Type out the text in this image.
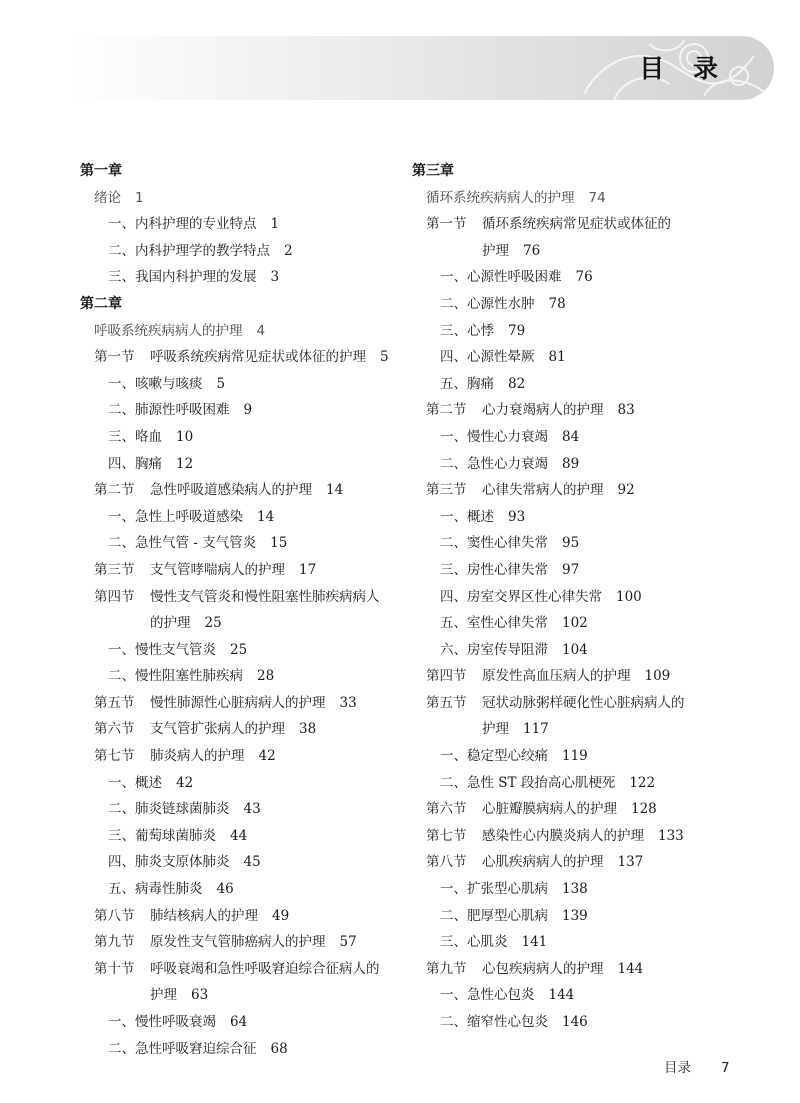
目 录
第一章
绪论 1
一、内科护理的专业特点 1
二、内科护理学的教学特点 2
三、我国内科护理的发展 3
第二章
呼吸系统疾病病人的护理 4
第一节 呼吸系统疾病常见症状或体征的护理 5
一、咳嗽与咳痰 5
二、肺源性呼吸困难 9
三、咯血 10
四、胸痛 12
第二节 急性呼吸道感染病人的护理 14
一、急性上呼吸道感染 14
二、急性气管 - 支气管炎 15
第三节 支气管哮喘病人的护理 17
第四节 慢性支气管炎和慢性阻塞性肺疾病病人
的护理 25
一、慢性支气管炎 25
二、慢性阻塞性肺疾病 28
第五节 慢性肺源性心脏病病人的护理 33
第六节 支气管扩张病人的护理 38
第七节 肺炎病人的护理 42
一、概述 42
二、肺炎链球菌肺炎 43
三、葡萄球菌肺炎 44
四、肺炎支原体肺炎 45
五、病毒性肺炎 46
第八节 肺结核病人的护理 49
第九节 原发性支气管肺癌病人的护理 57
第十节 呼吸衰竭和急性呼吸窘迫综合征病人的
护理 63
一、慢性呼吸衰竭 64
二、急性呼吸窘迫综合征 68
第三章
循环系统疾病病人的护理 74
第一节 循环系统疾病常见症状或体征的
护理 76
一、心源性呼吸困难 76
二、心源性水肿 78
三、心悸 79
四、心源性晕厥 81
五、胸痛 82
第二节 心力衰竭病人的护理 83
一、慢性心力衰竭 84
二、急性心力衰竭 89
第三节 心律失常病人的护理 92
一、概述 93
二、窦性心律失常 95
三、房性心律失常 97
四、房室交界区性心律失常 100
五、室性心律失常 102
六、房室传导阻滞 104
第四节 原发性高血压病人的护理 109
第五节 冠状动脉粥样硬化性心脏病病人的
护理 117
一、稳定型心绞痛 119
二、急性 ST 段抬高心肌梗死 122
第六节 心脏瓣膜病病人的护理 128
第七节 感染性心内膜炎病人的护理 133
第八节 心肌疾病病人的护理 137
一、扩张型心肌病 138
二、肥厚型心肌病 139
三、心肌炎 141
第九节 心包疾病病人的护理 144
一、急性心包炎 144
二、缩窄性心包炎 146
目录 7
